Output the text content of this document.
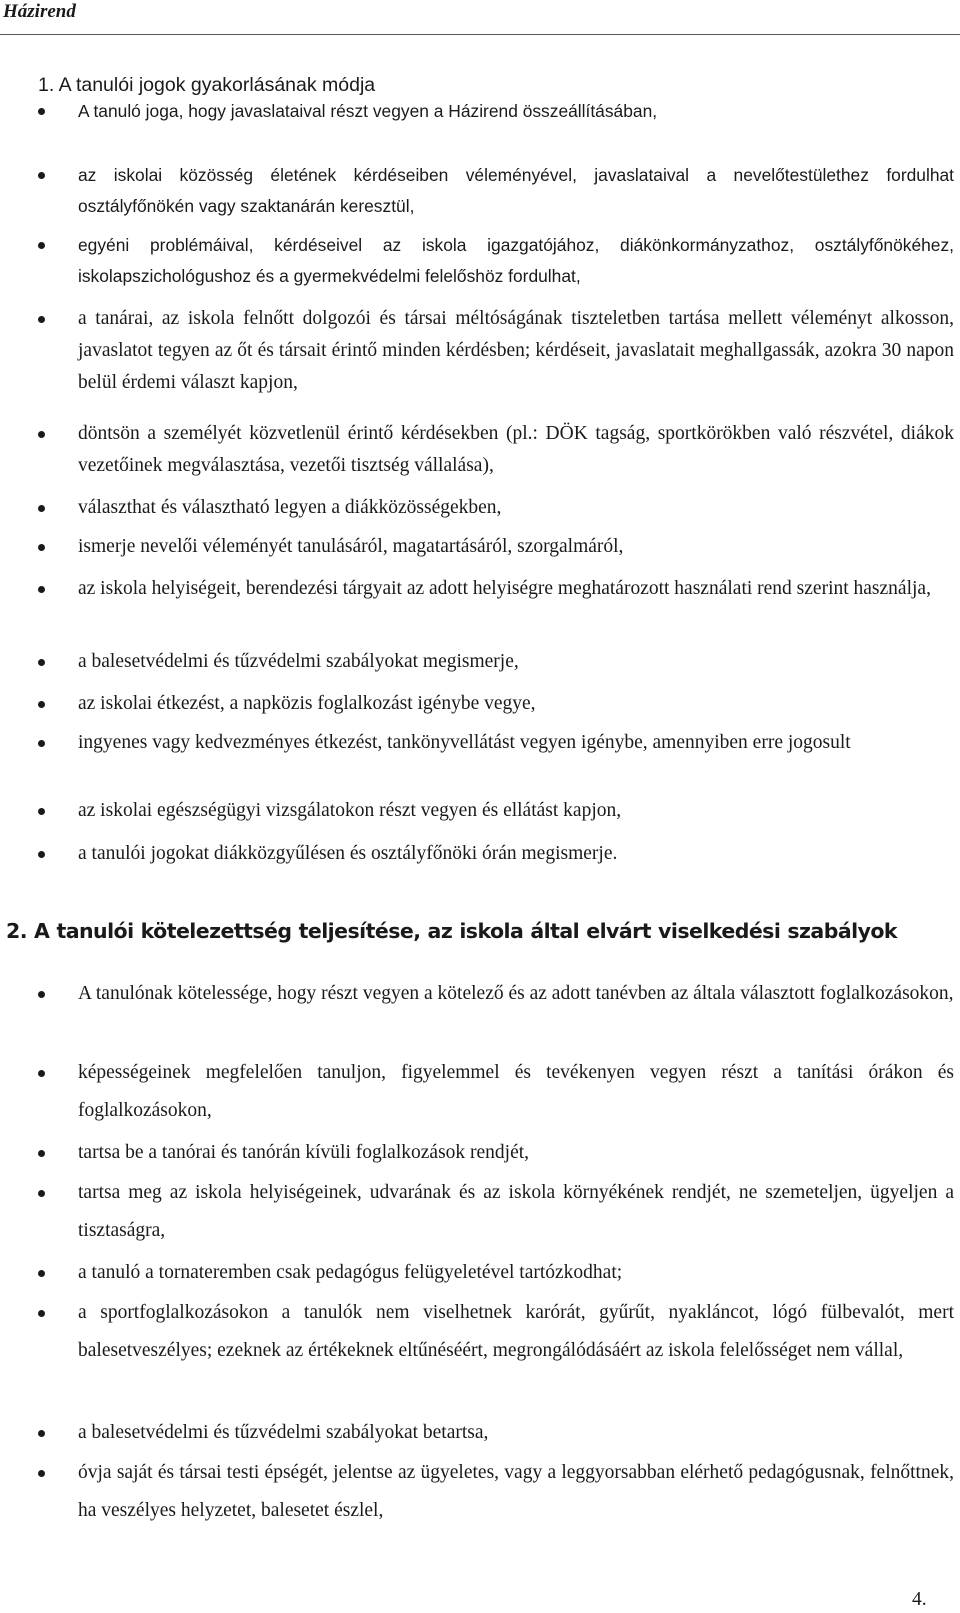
Házirend
1. A tanulói jogok gyakorlásának módja
A tanuló joga, hogy javaslataival részt vegyen a Házirend összeállításában,
az iskolai közösség életének kérdéseiben véleményével, javaslataival a nevelőtestülethez fordulhat osztályfőnökén vagy szaktanárán keresztül,
egyéni problémáival, kérdéseivel az iskola igazgatójához, diákönkormányzathoz, osztályfőnökéhez, iskolapszichológushoz és a gyermekvédelmi felelőshöz fordulhat,
a tanárai, az iskola felnőtt dolgozói és társai méltóságának tiszteletben tartása mellett véleményt alkosson, javaslatot tegyen az őt és társait érintő minden kérdésben; kérdéseit, javaslatait meghallgassák, azokra 30 napon belül érdemi választ kapjon,
döntsön a személyét közvetlenül érintő kérdésekben (pl.: DÖK tagság, sportkörökben való részvétel, diákok vezetőinek megválasztása, vezetői tisztség vállalása),
választhat és választható legyen a diákközösségekben,
ismerje nevelői véleményét tanulásáról, magatartásáról, szorgalmáról,
az iskola helyiségeit, berendezési tárgyait az adott helyiségre meghatározott használati rend szerint használja,
a balesetvédelmi és tűzvédelmi szabályokat megismerje,
az iskolai étkezést, a napközis foglalkozást igénybe vegye,
ingyenes vagy kedvezményes étkezést, tankönyvellátást vegyen igénybe, amennyiben erre jogosult
az iskolai egészségügyi vizsgálatokon részt vegyen és ellátást kapjon,
a tanulói jogokat diákközgyűlésen és osztályfőnöki órán megismerje.
2. A tanulói kötelezettség teljesítése, az iskola által elvárt viselkedési szabályok
A tanulónak kötelessége, hogy részt vegyen a kötelező és az adott tanévben az általa választott foglalkozásokon,
képességeinek megfelelően tanuljon, figyelemmel és tevékenyen vegyen részt a tanítási órákon és foglalkozásokon,
tartsa be a tanórai és tanórán kívüli foglalkozások rendjét,
tartsa meg az iskola helyiségeinek, udvarának és az iskola környékének rendjét, ne szemeteljen, ügyeljen a tisztaságra,
a tanuló a tornateremben csak pedagógus felügyeletével tartózkodhat;
a sportfoglalkozásokon a tanulók nem viselhetnek karórát, gyűrűt, nyakláncot, lógó fülbevalót, mert balesetveszélyes; ezeknek az értékeknek eltűnéséért, megrongálódásáért az iskola felelősséget nem vállal,
a balesetvédelmi és tűzvédelmi szabályokat betartsa,
óvja saját és társai testi épségét, jelentse az ügyeletes, vagy a leggyorsabban elérhető pedagógusnak, felnőttnek, ha veszélyes helyzetet, balesetet észlel,
4.
